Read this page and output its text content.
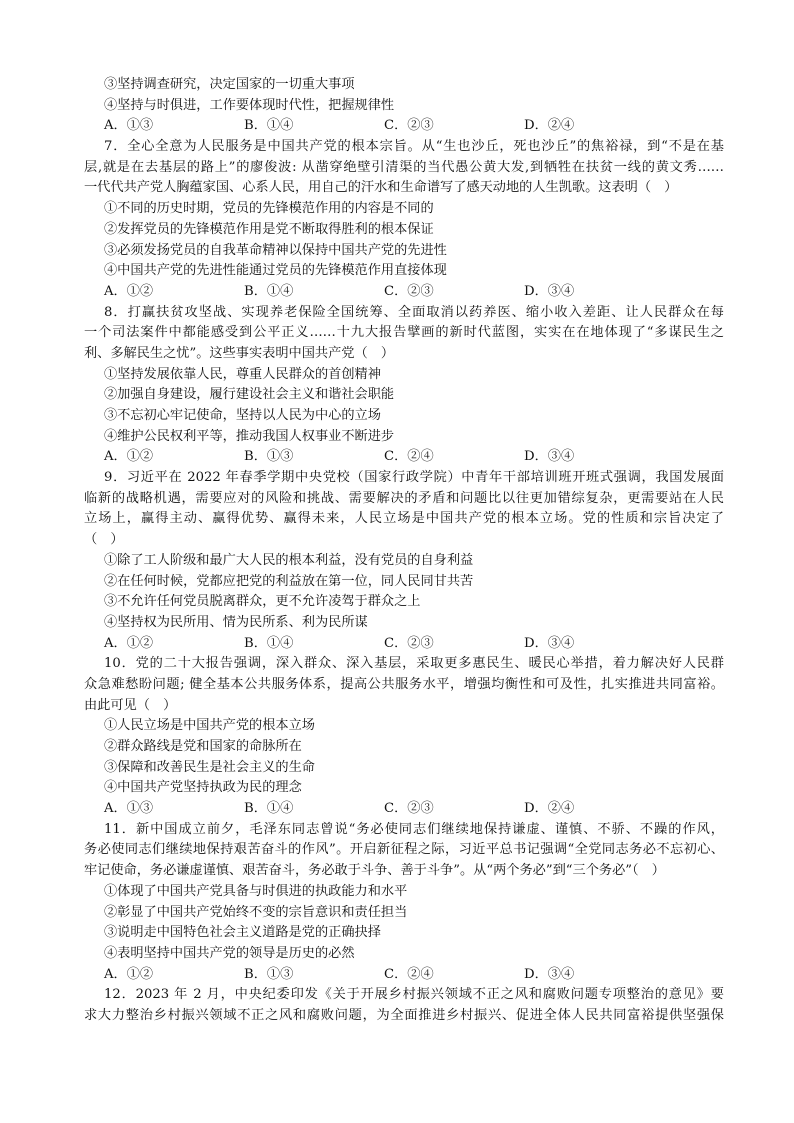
③坚持调查研究，决定国家的一切重大事项
④坚持与时俱进，工作要体现时代性，把握规律性
A．①③	B．①④	C．②③	D．②④
7．全心全意为人民服务是中国共产党的根本宗旨。从“生也沙丘，死也沙丘”的焦裕禄，到“不是在基
层,就是在去基层的路上”的廖俊波: 从凿穿绝壁引清渠的当代愚公黄大发,到牺牲在扶贫一线的黄文秀……
一代代共产党人胸蕴家国、心系人民，用自己的汗水和生命谱写了感天动地的人生凯歌。这表明（　）
①不同的历史时期，党员的先锋模范作用的内容是不同的
②发挥党员的先锋模范作用是党不断取得胜利的根本保证
③必须发扬党员的自我革命精神以保持中国共产党的先进性
④中国共产党的先进性能通过党员的先锋模范作用直接体现
A．①②	B．①④	C．②③	D．③④
8．打赢扶贫攻坚战、实现养老保险全国统筹、全面取消以药养医、缩小收入差距、让人民群众在每
一个司法案件中都能感受到公平正义……十九大报告擘画的新时代蓝图，实实在在地体现了“多谋民生之
利、多解民生之忧”。这些事实表明中国共产党（　）
①坚持发展依靠人民，尊重人民群众的首创精神
②加强自身建设，履行建设社会主义和谐社会职能
③不忘初心牢记使命，坚持以人民为中心的立场
④维护公民权利平等，推动我国人权事业不断进步
A．①②	B．①③	C．②④	D．③④
9．习近平在 2022 年春季学期中央党校（国家行政学院）中青年干部培训班开班式强调，我国发展面
临新的战略机遇，需要应对的风险和挑战、需要解决的矛盾和问题比以往更加错综复杂，更需要站在人民
立场上，赢得主动、赢得优势、赢得未来，人民立场是中国共产党的根本立场。党的性质和宗旨决定了
（　）
①除了工人阶级和最广大人民的根本利益，没有党员的自身利益
②在任何时候，党都应把党的利益放在第一位，同人民同甘共苦
③不允许任何党员脱离群众，更不允许凌驾于群众之上
④坚持权为民所用、情为民所系、利为民所谋
A．①②	B．①④	C．②③	D．③④
10．党的二十大报告强调，深入群众、深入基层，采取更多惠民生、暖民心举措，着力解决好人民群
众急难愁盼问题; 健全基本公共服务体系，提高公共服务水平，增强均衡性和可及性，扎实推进共同富裕。
由此可见（　）
①人民立场是中国共产党的根本立场
②群众路线是党和国家的命脉所在
③保障和改善民生是社会主义的生命
④中国共产党坚持执政为民的理念
A．①③	B．①④	C．②③	D．②④
11．新中国成立前夕，毛泽东同志曾说“务必使同志们继续地保持谦虚、谨慎、不骄、不躁的作风，
务必使同志们继续地保持艰苦奋斗的作风”。开启新征程之际，习近平总书记强调“全党同志务必不忘初心、
牢记使命，务必谦虚谨慎、艰苦奋斗，务必敢于斗争、善于斗争”。从“两个务必”到“三个务必”（　）
①体现了中国共产党具备与时俱进的执政能力和水平
②彰显了中国共产党始终不变的宗旨意识和责任担当
③说明走中国特色社会主义道路是党的正确抉择
④表明坚持中国共产党的领导是历史的必然
A．①②	B．①③	C．②④	D．③④
12．2023 年 2 月，中央纪委印发《关于开展乡村振兴领域不正之风和腐败问题专项整治的意见》要
求大力整治乡村振兴领域不正之风和腐败问题，为全面推进乡村振兴、促进全体人民共同富裕提供坚强保
